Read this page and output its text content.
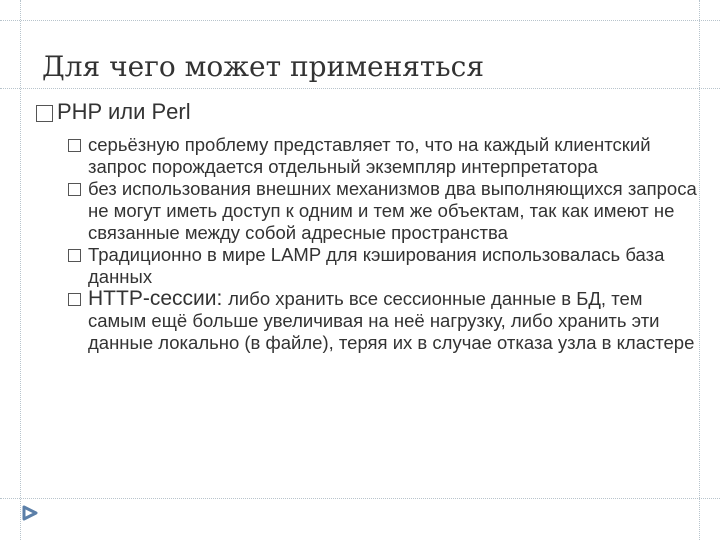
Для чего может применяться
PHP или Perl
серьёзную проблему представляет то, что на каждый клиентский запрос порождается отдельный экземпляр интерпретатора
без использования внешних механизмов два выполняющихся запроса не могут иметь доступ к одним и тем же объектам, так как имеют не связанные между собой адресные пространства
Традиционно в мире LAMP для кэширования использовалась база данных
HTTP-сессии: либо хранить все сессионные данные в БД, тем самым ещё больше увеличивая на неё нагрузку, либо хранить эти данные локально (в файле), теряя их в случае отказа узла в кластере
